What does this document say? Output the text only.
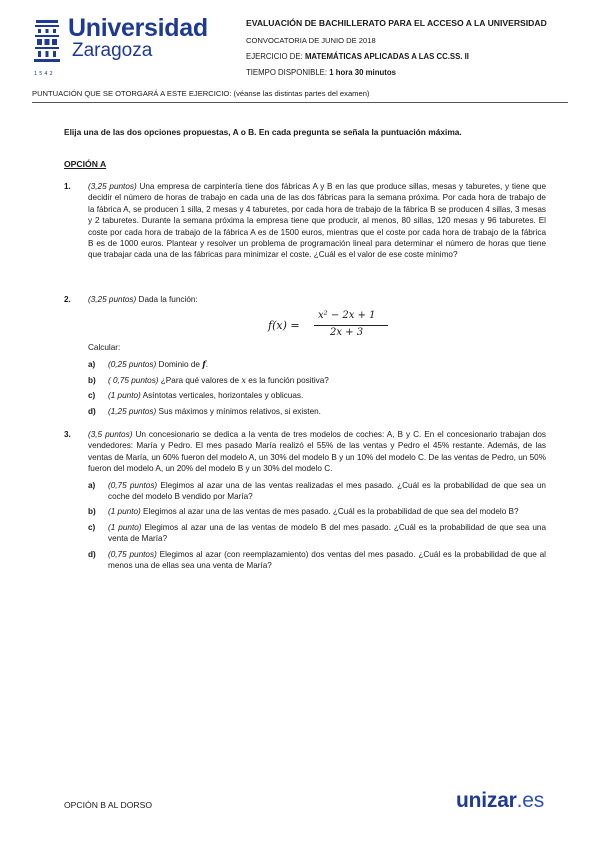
1542
Universidad
Zaragoza
EVALUACIÓN DE BACHILLERATO PARA EL ACCESO A LA UNIVERSIDAD
CONVOCATORIA DE JUNIO DE 2018
EJERCICIO DE: MATEMÁTICAS APLICADAS A LAS CC.SS. II
TIEMPO DISPONIBLE: 1 hora 30 minutos
PUNTUACIÓN QUE SE OTORGARÁ A ESTE EJERCICIO: (véanse las distintas partes del examen)
Elija una de las dos opciones propuestas, A o B. En cada pregunta se señala la puntuación máxima.
OPCIÓN A
1. (3,25 puntos) Una empresa de carpintería tiene dos fábricas A y B en las que produce sillas, mesas y taburetes, y tiene que decidir el número de horas de trabajo en cada una de las dos fábricas para la semana próxima. Por cada hora de trabajo de la fábrica A, se producen 1 silla, 2 mesas y 4 taburetes, por cada hora de trabajo de la fábrica B se producen 4 sillas, 3 mesas y 2 taburetes. Durante la semana próxima la empresa tiene que producir, al menos, 80 sillas, 120 mesas y 96 taburetes. El coste por cada hora de trabajo de la fábrica A es de 1500 euros, mientras que el coste por cada hora de trabajo de la fábrica B es de 1000 euros. Plantear y resolver un problema de programación lineal para determinar el número de horas que tiene que trabajar cada una de las fábricas para minimizar el coste. ¿Cuál es el valor de ese coste mínimo?
2. (3,25 puntos) Dada la función:
f(x) =
x² − 2x + 1
2x + 3
Calcular:
a) (0,25 puntos) Dominio de f.
b) ( 0,75 puntos) ¿Para qué valores de x es la función positiva?
c) (1 punto) Asíntotas verticales, horizontales y oblicuas.
d) (1,25 puntos) Sus máximos y mínimos relativos, si existen.
3. (3,5 puntos) Un concesionario se dedica a la venta de tres modelos de coches: A, B y C. En el concesionario trabajan dos vendedores: María y Pedro. El mes pasado María realizó el 55% de las ventas y Pedro el 45% restante. Además, de las ventas de María, un 60% fueron del modelo A, un 30% del modelo B y un 10% del modelo C. De las ventas de Pedro, un 50% fueron del modelo A, un 20% del modelo B y un 30% del modelo C.
a) (0,75 puntos) Elegimos al azar una de las ventas realizadas el mes pasado. ¿Cuál es la probabilidad de que sea un coche del modelo B vendido por María?
b) (1 punto) Elegimos al azar una de las ventas de mes pasado. ¿Cuál es la probabilidad de que sea del modelo B?
c) (1 punto) Elegimos al azar una de las ventas de modelo B del mes pasado. ¿Cuál es la probabilidad de que sea una venta de María?
d) (0,75 puntos) Elegimos al azar (con reemplazamiento) dos ventas del mes pasado. ¿Cuál es la probabilidad de que al menos una de ellas sea una venta de María?
OPCIÓN B AL DORSO	unizar.es
